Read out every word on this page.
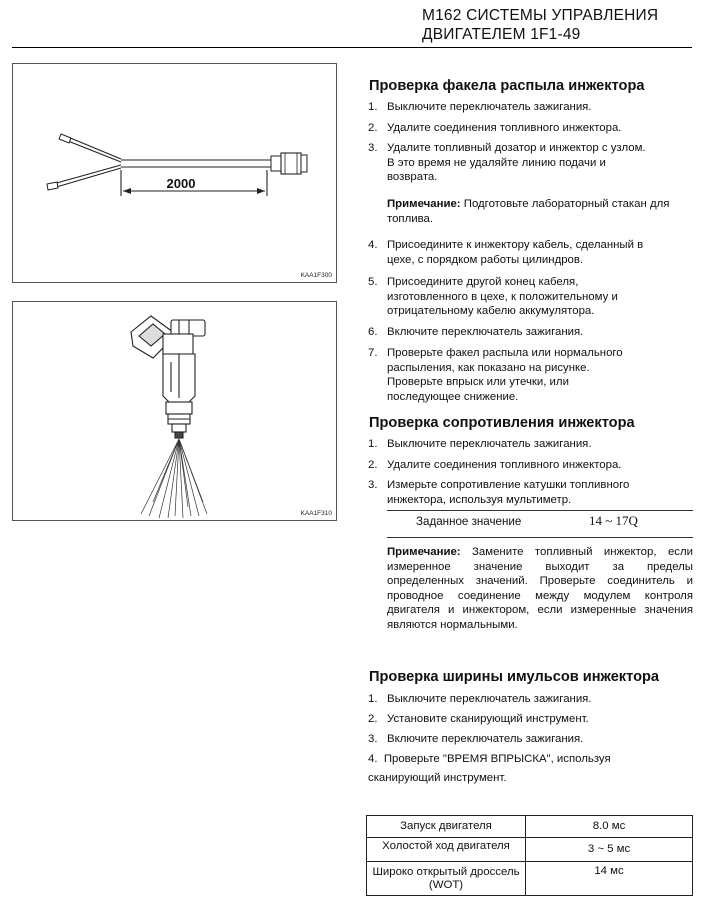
M162 СИСТЕМЫ УПРАВЛЕНИЯ
ДВИГАТЕЛЕМ 1F1-49
2000
KAA1F300
KAA1F310
Проверка факела распыла инжектора
1. Выключите переключатель зажигания.
2. Удалите соединения топливного инжектора.
3. Удалите топливный дозатор и инжектор с узлом.
В это время не удаляйте линию подачи и
возврата.
Примечание: Подготовьте лабораторный стакан для топлива.
4. Присоедините к инжектору кабель, сделанный в
цехе, с порядком работы цилиндров.
5. Присоедините другой конец кабеля,
изготовленного в цехе, к положительному и
отрицательному кабелю аккумулятора.
6. Включите переключатель зажигания.
7. Проверьте факел распыла или нормального
распыления, как показано на рисунке.
Проверьте впрыск или утечки, или
последующее снижение.
Проверка сопротивления инжектора
1. Выключите переключатель зажигания.
2. Удалите соединения топливного инжектора.
3. Измерьте сопротивление катушки топливного
инжектора, используя мультиметр.
Заданное значение	14 ~ 17Q
Примечание: Замените топливный инжектор, если измеренное значение выходит за пределы определенных значений. Проверьте соединитель и проводное соединение между модулем контроля двигателя и инжектором, если измеренные значения являются нормальными.
Проверка ширины имульсов инжектора
1. Выключите переключатель зажигания.
2. Установите сканирующий инструмент.
3. Включите переключатель зажигания.
4.  Проверьте "ВРЕМЯ ВПРЫСКА", используя
сканирующий инструмент.
Запуск двигателя	8.0 мс

Холостой ход двигателя	3 ~ 5 мс
Широко открытый дроссель (WOT)	14 мс
